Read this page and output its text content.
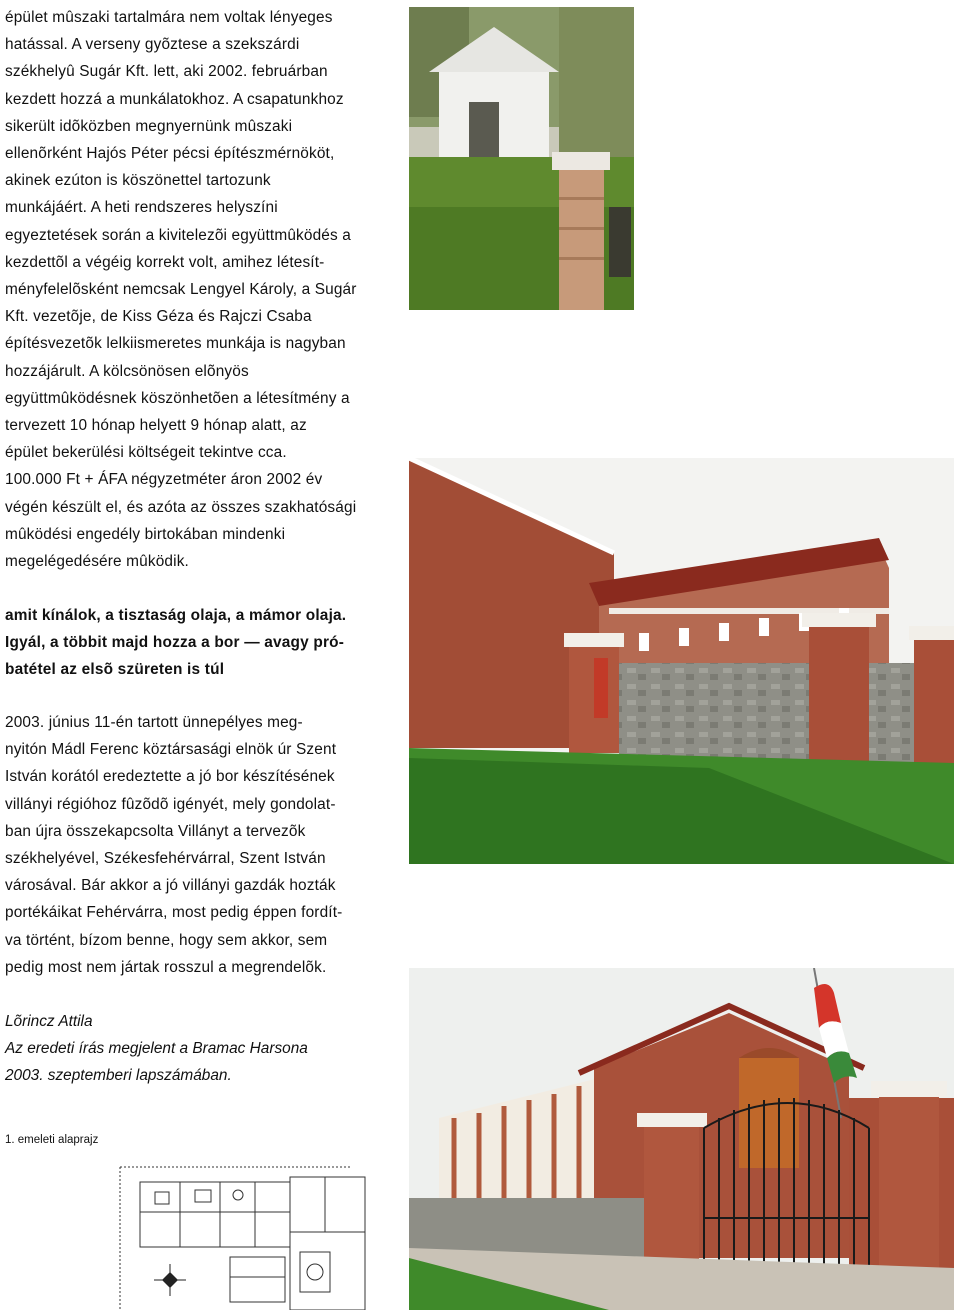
épület mûszaki tartalmára nem voltak lényeges

hatással. A verseny gyõztese a szekszárdi

székhelyû Sugár Kft. lett, aki 2002. februárban

kezdett hozzá a munkálatokhoz. A csapatunkhoz

sikerült idõközben megnyernünk mûszaki

ellenõrként Hajós Péter pécsi építészmérnököt,

akinek ezúton is köszönettel tartozunk

munkájáért. A heti rendszeres helyszíni

egyeztetések során a kivitelezõi együttmûködés a

kezdettõl a végéig korrekt volt, amihez létesít-

ményfelelõsként nemcsak Lengyel Károly, a Sugár

Kft. vezetõje, de Kiss Géza és Rajczi Csaba

építésvezetõk lelkiismeretes munkája is nagyban

hozzájárult. A kölcsönösen elõnyös

együttmûködésnek köszönhetõen a létesítmény a

tervezett 10 hónap helyett 9 hónap alatt, az

épület bekerülési költségeit tekintve cca.

100.000 Ft + ÁFA négyzetméter áron 2002 év

végén készült el, és azóta az összes szakhatósági

mûködési engedély birtokában mindenki

megelégedésére mûködik.

amit kínálok, a tisztaság olaja, a mámor olaja.

Igyál, a többit majd hozza a bor — avagy pró-

batétel az elsõ szüreten is túl

2003. június 11-én tartott ünnepélyes meg-

nyitón Mádl Ferenc köztársasági elnök úr Szent

István korától eredeztette a jó bor készítésének

villányi régióhoz fûzõdõ igényét, mely gondolat-

ban újra összekapcsolta Villányt a tervezõk

székhelyével, Székesfehérvárral, Szent István

városával. Bár akkor a jó villányi gazdák hozták

portékáikat Fehérvárra, most pedig éppen fordít-

va történt, bízom benne, hogy sem akkor, sem

pedig most nem jártak rosszul a megrendelõk.

Lõrincz Attila

Az eredeti írás megjelent a Bramac Harsona

2003. szeptemberi lapszámában.

1. emeleti alaprajz
